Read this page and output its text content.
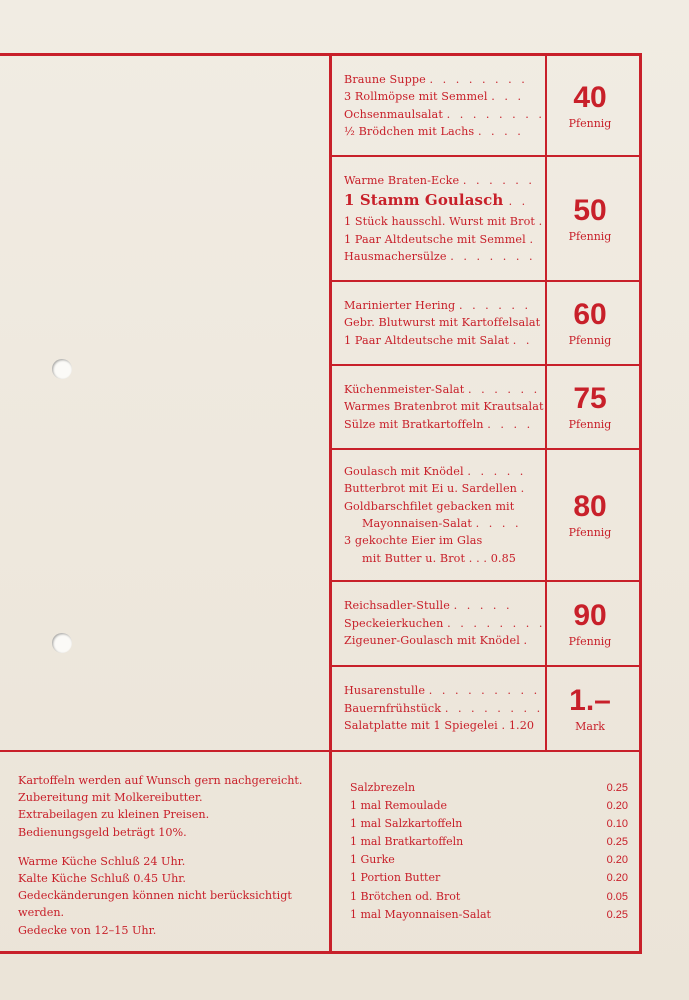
Braune Suppe . . . . . . . .
3 Rollmöpse mit Semmel . . .
Ochsenmaulsalat . . . . . . . .
½ Brödchen mit Lachs . . . .
40
Pfennig
Warme Braten-Ecke . . . . . .
1 Stamm Goulasch . .
1 Stück hausschl. Wurst mit Brot .
1 Paar Altdeutsche mit Semmel .
Hausmachersülze . . . . . . .
50
Pfennig
Marinierter Hering . . . . . .
Gebr. Blutwurst mit Kartoffelsalat
1 Paar Altdeutsche mit Salat . .
60
Pfennig
Küchenmeister-Salat . . . . . .
Warmes Bratenbrot mit Krautsalat
Sülze mit Bratkartoffeln . . . .
75
Pfennig
Goulasch mit Knödel . . . . .
Butterbrot mit Ei u. Sardellen .
Goldbarschfilet gebacken mit
Mayonnaisen-Salat . . . .
3 gekochte Eier im Glas
mit Butter u. Brot . . . 0.85
80
Pfennig
Reichsadler-Stulle . . . . .
Speckeierkuchen . . . . . . . .
Zigeuner-Goulasch mit Knödel .
90
Pfennig
Husarenstulle . . . . . . . . .
Bauernfrühstück . . . . . . . .
Salatplatte mit 1 Spiegelei . 1.20
1.–
Mark
Kartoffeln werden auf Wunsch gern nachgereicht.
Zubereitung mit Molkereibutter.
Extrabeilagen zu kleinen Preisen.
Bedienungsgeld beträgt 10%.
Warme Küche Schluß 24 Uhr.
Kalte Küche Schluß 0.45 Uhr.
Gedeckänderungen können nicht berücksichtigt werden.
Gedecke von 12–15 Uhr.
Salzbrezeln	0.25
1 mal Remoulade	0.20
1 mal Salzkartoffeln	0.10
1 mal Bratkartoffeln	0.25
1 Gurke	0.20
1 Portion Butter	0.20
1 Brötchen od. Brot	0.05
1 mal Mayonnaisen-Salat	0.25
